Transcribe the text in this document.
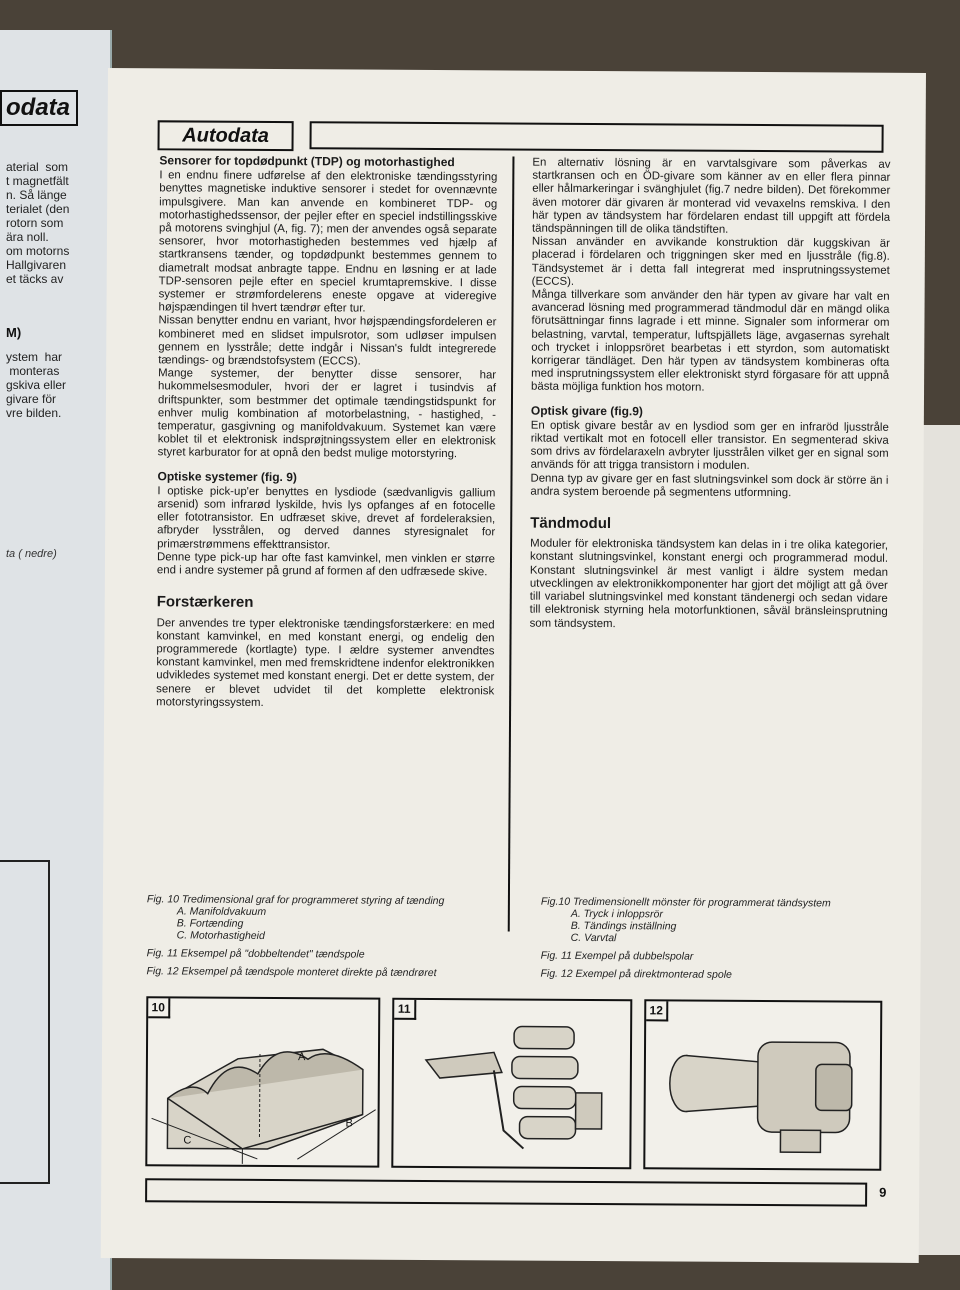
odata
aterial  som
t magnetfält
n. Så länge
terialet (den
rotorn som
ära noll.
om motorns
Hallgivaren
et täcks av
M)
ystem  har
monteras
gskiva eller
givare för
vre bilden.
ta ( nedre)
Autodata

Sensorer for topdødpunkt (TDP) og motorhastighed

I en endnu finere udførelse af den elektroniske tændingsstyring benyttes magnetiske induktive sensorer i stedet for ovennævnte impulsgivere. Man kan anvende en kombineret TDP- og motorhastighedssensor, der pejler efter en speciel indstillingsskive på motorens svinghjul (A, fig. 7); men der anvendes også separate sensorer, hvor motorhastigheden bestemmes ved hjælp af startkransens tænder, og topdødpunkt bestemmes gennem to diametralt modsat anbragte tappe. Endnu en løsning er at lade TDP-sensoren pejle efter en speciel krumtapremskive. I disse systemer er strømfordelerens eneste opgave at videregive højspændingen til hvert tændrør efter tur.

Nissan benytter endnu en variant, hvor højspændingsfordeleren er kombineret med en slidset impulsrotor, som udløser impulsen gennem en lysstråle; dette indgår i Nissan's fuldt integrerede tændings- og brændstofsystem (ECCS).

Mange systemer, der benytter disse sensorer, har hukommelsesmoduler, hvori der er lagret i tusindvis af driftspunkter, som bestmmer det optimale tændingstidspunkt for enhver mulig kombination af motorbelastning, - hastighed, - temperatur, gasgivning og manifoldvakuum. Systemet kan være koblet til et elektronisk indsprøjtningssystem eller en elektronisk styret karburator for at opnå den bedst mulige motorstyring.

Optiske systemer (fig. 9)

I optiske pick-up'er benyttes en lysdiode (sædvanligvis gallium arsenid) som infrarød lyskilde, hvis lys opfanges af en fotocelle eller fototransistor. En udfræset skive, drevet af fordeleraksien, afbryder lysstrålen, og derved dannes styresignalet for primærstrømmens effekttransistor.

Denne type pick-up har ofte fast kamvinkel, men vinklen er større end i andre systemer på grund af formen af den udfræsede skive.

Forstærkeren

Der anvendes tre typer elektroniske tændingsforstærkere: en med konstant kamvinkel, en med konstant energi, og endelig den programmerede (kortlagte) type. I ældre systemer anvendtes konstant kamvinkel, men med fremskridtene indenfor elektronikken udvikledes systemet med konstant energi. Det er dette system, der senere er blevet udvidet til det komplette elektronisk motorstyringssystem.

En alternativ lösning är en varvtalsgivare som påverkas av startkransen och en ÖD-givare som känner av en eller flera pinnar eller hålmarkeringar i svänghjulet (fig.7 nedre bilden). Det förekommer även motorer där givaren är monterad vid vevaxelns remskiva. I den här typen av tändsystem har fördelaren endast till uppgift att fördela tändspänningen till de olika tändstiften.

Nissan använder en avvikande konstruktion där kuggskivan är placerad i fördelaren och triggningen sker med en ljusstråle (fig.8). Tändsystemet är i detta fall integrerat med insprutningssystemet (ECCS).

Många tillverkare som använder den här typen av givare har valt en avancerad lösning med programmerad tändmodul där en mängd olika förutsättningar finns lagrade i ett minne. Signaler som informerar om belastning, varvtal, temperatur, luftspjällets läge, avgasernas syrehalt och trycket i inloppsröret bearbetas i ett styrdon, som automatiskt korrigerar tändläget. Den här typen av tändsystem kombineras ofta med insprutningssystem eller elektroniskt styrd förgasare för att uppnå bästa möjliga funktion hos motorn.

Optisk givare (fig.9)

En optisk givare består av en lysdiod som ger en infraröd ljusstråle riktad vertikalt mot en fotocell eller transistor. En segmenterad skiva som drivs av fördelaraxeln avbryter ljusstrålen vilket ger en signal som används för att trigga transistorn i modulen.

Denna typ av givare ger en fast slutningsvinkel som dock är större än i andra system beroende på segmentens utformning.

Tändmodul

Moduler för elektroniska tändsystem kan delas in i tre olika kategorier, konstant slutningsvinkel, konstant energi och programmerad modul. Konstant slutningsvinkel är mest vanligt i äldre system medan utvecklingen av elektronikkomponenter har gjort det möjligt att gå över till variabel slutningsvinkel med konstant tändenergi och sedan vidare till elektronisk styrning hela motorfunktionen, såväl bränsleinsprutning som tändsystem.

Fig. 10 Tredimensional graf for programmeret styring af tænding
A. Manifoldvakuum
B. Fortænding
C. Motorhastigheid
Fig. 11 Eksempel på "dobbeltendet" tændspole
Fig. 12 Eksempel på tændspole monteret direkte på tændrøret
Fig.10 Tredimensionellt mönster för programmerat tändsystem
A. Tryck i inloppsrör
B. Tändings inställning
C. Varvtal
Fig. 11 Exempel på dubbelspolar
Fig. 12 Exempel på direktmonterad spole
10
A
B
C
11	12
9
